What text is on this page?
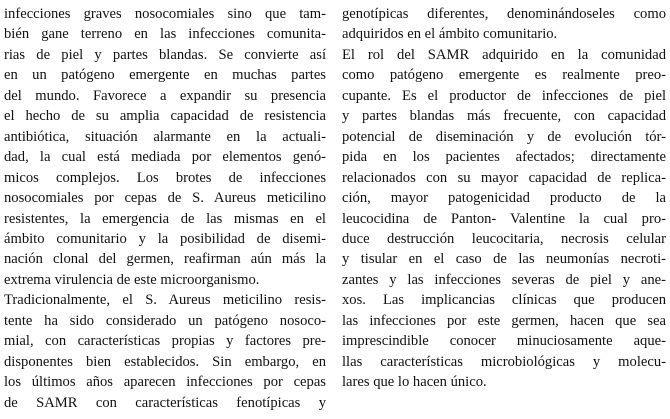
infecciones graves nosocomiales sino que tam-
bién gane terreno en las infecciones comunita-
rias de piel y partes blandas. Se convierte así
en un patógeno emergente en muchas partes
del mundo. Favorece a expandir su presencia
el hecho de su amplia capacidad de resistencia
antibiótica, situación alarmante en la actuali-
dad, la cual está mediada por elementos genó-
micos complejos. Los brotes de infecciones
nosocomiales por cepas de S. Aureus meticilino
resistentes, la emergencia de las mismas en el
ámbito comunitario y la posibilidad de disemi-
nación clonal del germen, reafirman aún más la
extrema virulencia de este microorganismo.
Tradicionalmente, el S. Aureus meticilino resis-
tente ha sido considerado un patógeno nosoco-
mial, con características propias y factores pre-
disponentes bien establecidos. Sin embargo, en
los últimos años aparecen infecciones por cepas
de SAMR con características fenotípicas y
genotípicas diferentes, denominándoseles como
adquiridos en el ámbito comunitario.
El rol del SAMR adquirido en la comunidad
como patógeno emergente es realmente preo-
cupante. Es el productor de infecciones de piel
y partes blandas más frecuente, con capacidad
potencial de diseminación y de evolución tór-
pida en los pacientes afectados; directamente
relacionados con su mayor capacidad de replica-
ción, mayor patogenicidad producto de la
leucocidina de Panton- Valentine la cual pro-
duce destrucción leucocitaria, necrosis celular
y tisular en el caso de las neumonías necroti-
zantes y las infecciones severas de piel y ane-
xos. Las implicancias clínicas que producen
las infecciones por este germen, hacen que sea
imprescindible conocer minuciosamente aque-
llas características microbiológicas y molecu-
lares que lo hacen único.
